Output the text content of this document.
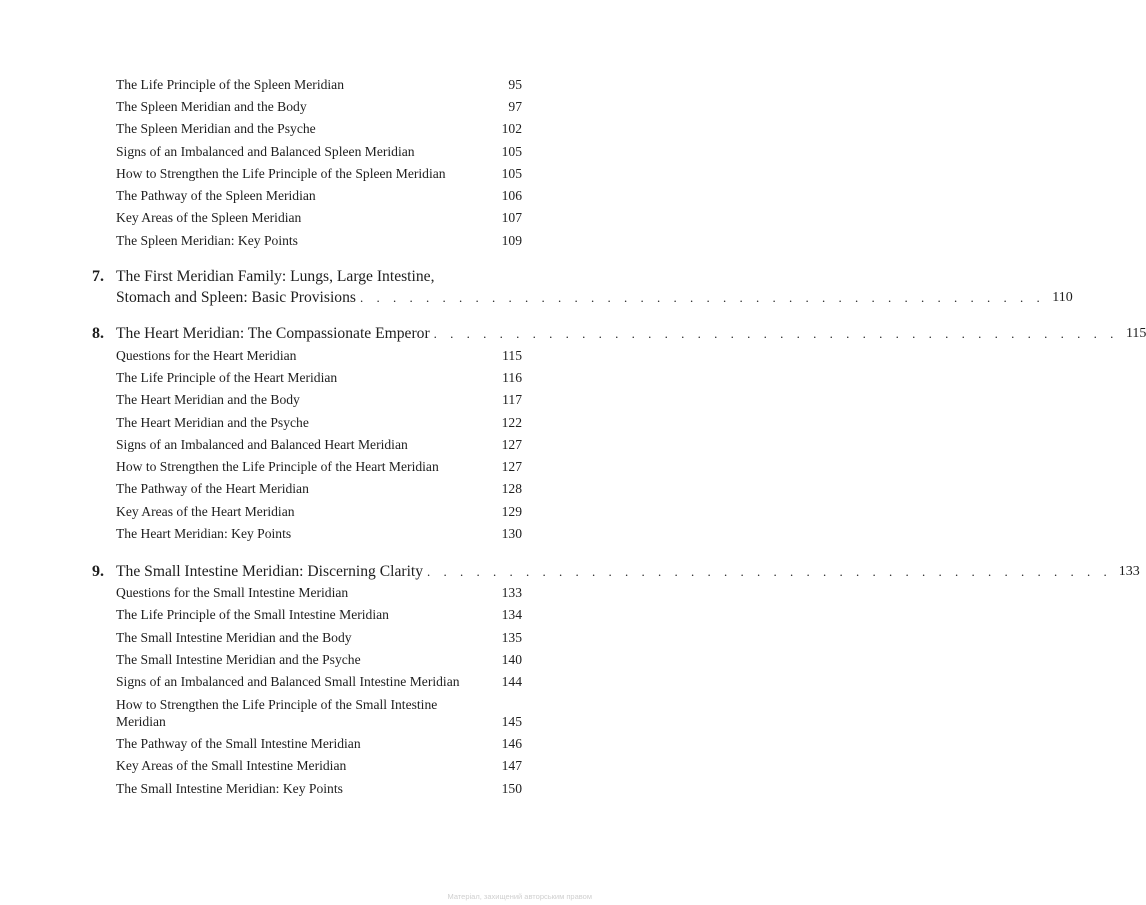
The Life Principle of the Spleen Meridian	95
The Spleen Meridian and the Body	97
The Spleen Meridian and the Psyche	102
Signs of an Imbalanced and Balanced Spleen Meridian	105
How to Strengthen the Life Principle of the Spleen Meridian	105
The Pathway of the Spleen Meridian	106
Key Areas of the Spleen Meridian	107
The Spleen Meridian: Key Points	109
7. The First Meridian Family: Lungs, Large Intestine,
Stomach and Spleen: Basic Provisions . . . . . . . . . . . . . . . . . . . . . . . . . . . . . . . . . . . . . . . . . . 110
8. The Heart Meridian: The Compassionate Emperor . . . . . . . . . . . . . . . . . . . . . . . . . . . . . . . . . . . . . . . . . . 115
Questions for the Heart Meridian	115
The Life Principle of the Heart Meridian	116
The Heart Meridian and the Body	117
The Heart Meridian and the Psyche	122
Signs of an Imbalanced and Balanced Heart Meridian	127
How to Strengthen the Life Principle of the Heart Meridian	127
The Pathway of the Heart Meridian	128
Key Areas of the Heart Meridian	129
The Heart Meridian: Key Points	130
9. The Small Intestine Meridian: Discerning Clarity . . . . . . . . . . . . . . . . . . . . . . . . . . . . . . . . . . . . . . . . . . 133
Questions for the Small Intestine Meridian	133
The Life Principle of the Small Intestine Meridian	134
The Small Intestine Meridian and the Body	135
The Small Intestine Meridian and the Psyche	140
Signs of an Imbalanced and Balanced Small Intestine Meridian	144
How to Strengthen the Life Principle of the Small Intestine
Meridian	145
The Pathway of the Small Intestine Meridian	146
Key Areas of the Small Intestine Meridian	147
The Small Intestine Meridian: Key Points	150
Матеріал, захищений авторським правом
